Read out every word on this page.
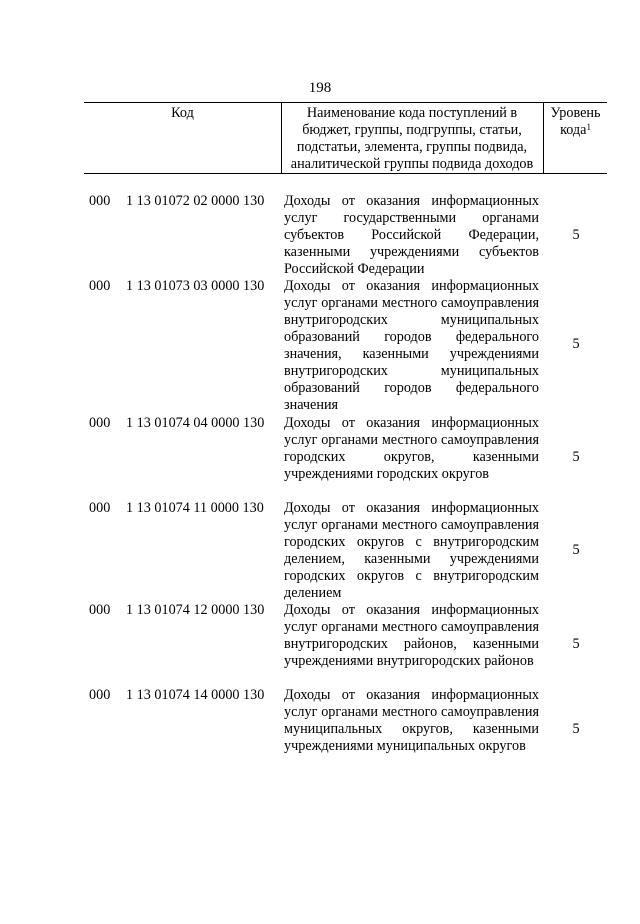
198
Код	Наименование кода поступлений в бюджет, группы, подгруппы, статьи, подстатьи, элемента, группы подвида, аналитической группы подвида доходов
Уровень кода$^1$
000 1 13 01072 02 0000 130 Доходы от оказания информационных услуг государственными органами субъектов Российской Федерации, казенными учреждениями субъектов Российской Федерации
5
000 1 13 01073 03 0000 130 Доходы от оказания информационных услуг органами местного самоуправления внутригородских муниципальных образований городов федерального значения, казенными учреждениями внутригородских муниципальных образований городов федерального значения
5
000 1 13 01074 04 0000 130 Доходы от оказания информационных услуг органами местного самоуправления городских округов, казенными учреждениями городских округов
5
000 1 13 01074 11 0000 130 Доходы от оказания информационных услуг органами местного самоуправления городских округов с внутригородским делением, казенными учреждениями городских округов с внутригородским делением
5
000 1 13 01074 12 0000 130 Доходы от оказания информационных услуг органами местного самоуправления внутригородских районов, казенными учреждениями внутригородских районов
5
000 1 13 01074 14 0000 130 Доходы от оказания информационных услуг органами местного самоуправления муниципальных округов, казенными учреждениями муниципальных округов
5
